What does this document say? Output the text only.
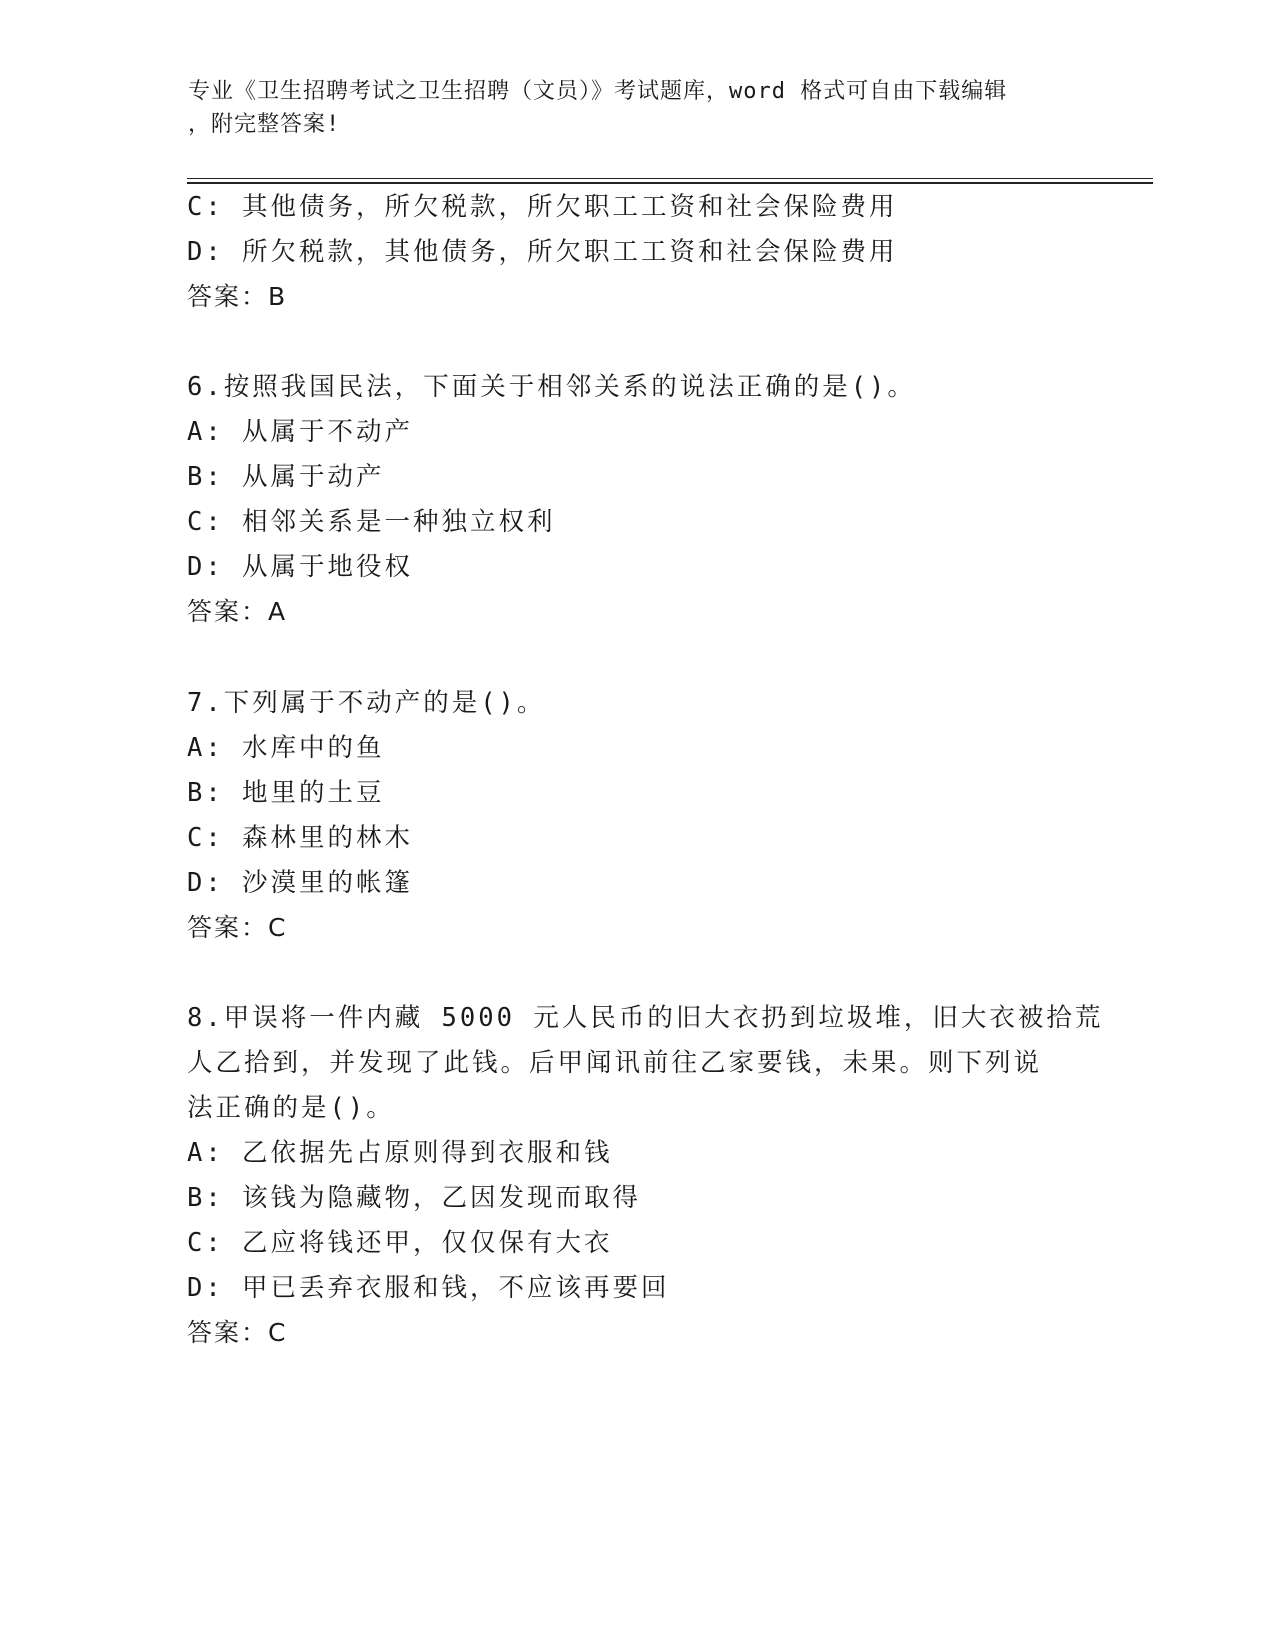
专业《卫生招聘考试之卫生招聘（文员）》考试题库，word 格式可自由下载编辑
，附完整答案!
C: 其他债务，所欠税款，所欠职工工资和社会保险费用
D: 所欠税款，其他债务，所欠职工工资和社会保险费用
答案：B
6.按照我国民法，下面关于相邻关系的说法正确的是()。
A: 从属于不动产
B: 从属于动产
C: 相邻关系是一种独立权利
D: 从属于地役权
答案：A
7.下列属于不动产的是()。
A: 水库中的鱼
B: 地里的土豆
C: 森林里的林木
D: 沙漠里的帐篷
答案：C
8.甲误将一件内藏 5000 元人民币的旧大衣扔到垃圾堆，旧大衣被拾荒
人乙拾到，并发现了此钱。后甲闻讯前往乙家要钱，未果。则下列说
法正确的是()。
A: 乙依据先占原则得到衣服和钱
B: 该钱为隐藏物，乙因发现而取得
C: 乙应将钱还甲，仅仅保有大衣
D: 甲已丢弃衣服和钱，不应该再要回
答案：C
